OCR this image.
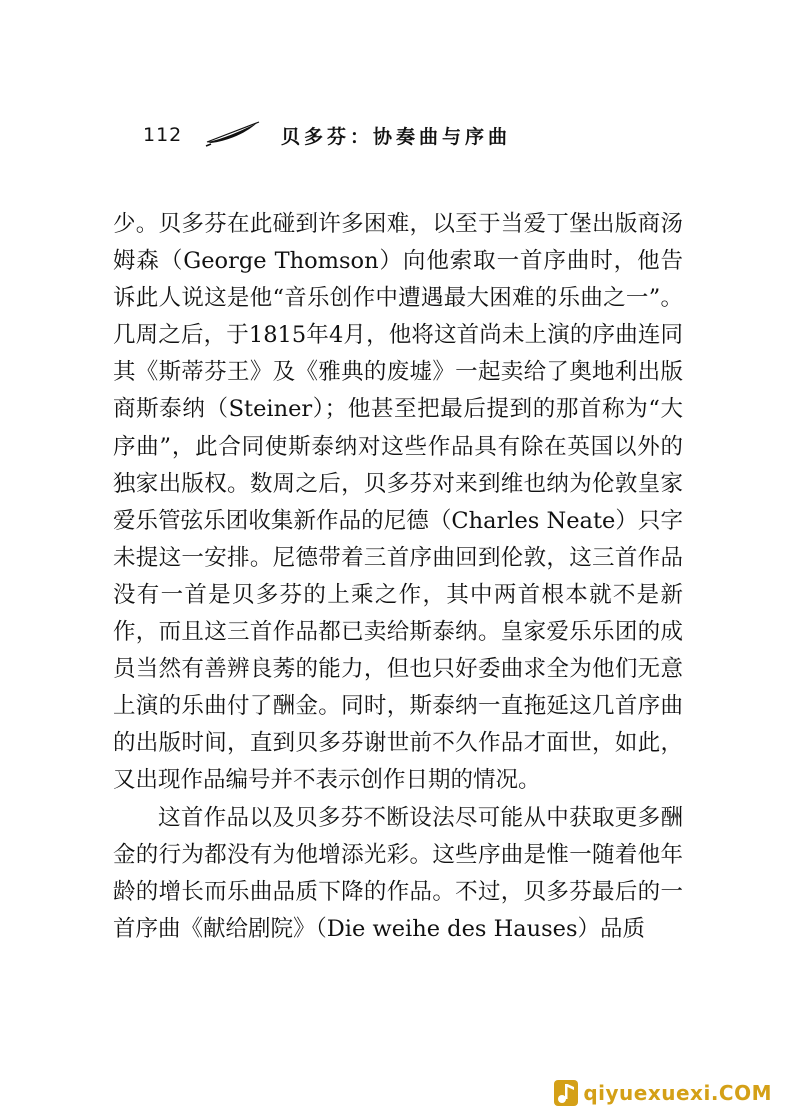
112	贝多芬：协奏曲与序曲

少。贝多芬在此碰到许多困难，以至于当爱丁堡出版商汤姆森（George Thomson）向他索取一首序曲时，他告诉此人说这是他“音乐创作中遭遇最大困难的乐曲之一”。几周之后，于1815年4月，他将这首尚未上演的序曲连同其《斯蒂芬王》及《雅典的废墟》一起卖给了奥地利出版商斯泰纳（Steiner）；他甚至把最后提到的那首称为“大序曲”，此合同使斯泰纳对这些作品具有除在英国以外的独家出版权。数周之后，贝多芬对来到维也纳为伦敦皇家爱乐管弦乐团收集新作品的尼德（Charles Neate）只字未提这一安排。尼德带着三首序曲回到伦敦，这三首作品没有一首是贝多芬的上乘之作，其中两首根本就不是新作，而且这三首作品都已卖给斯泰纳。皇家爱乐乐团的成员当然有善辨良莠的能力，但也只好委曲求全为他们无意上演的乐曲付了酬金。同时，斯泰纳一直拖延这几首序曲的出版时间，直到贝多芬谢世前不久作品才面世，如此，又出现作品编号并不表示创作日期的情况。

这首作品以及贝多芬不断设法尽可能从中获取更多酬金的行为都没有为他增添光彩。这些序曲是惟一随着他年龄的增长而乐曲品质下降的作品。不过，贝多芬最后的一首序曲《献给剧院》（Die weihe des Hauses）品质

qiyuexuexi.COM
